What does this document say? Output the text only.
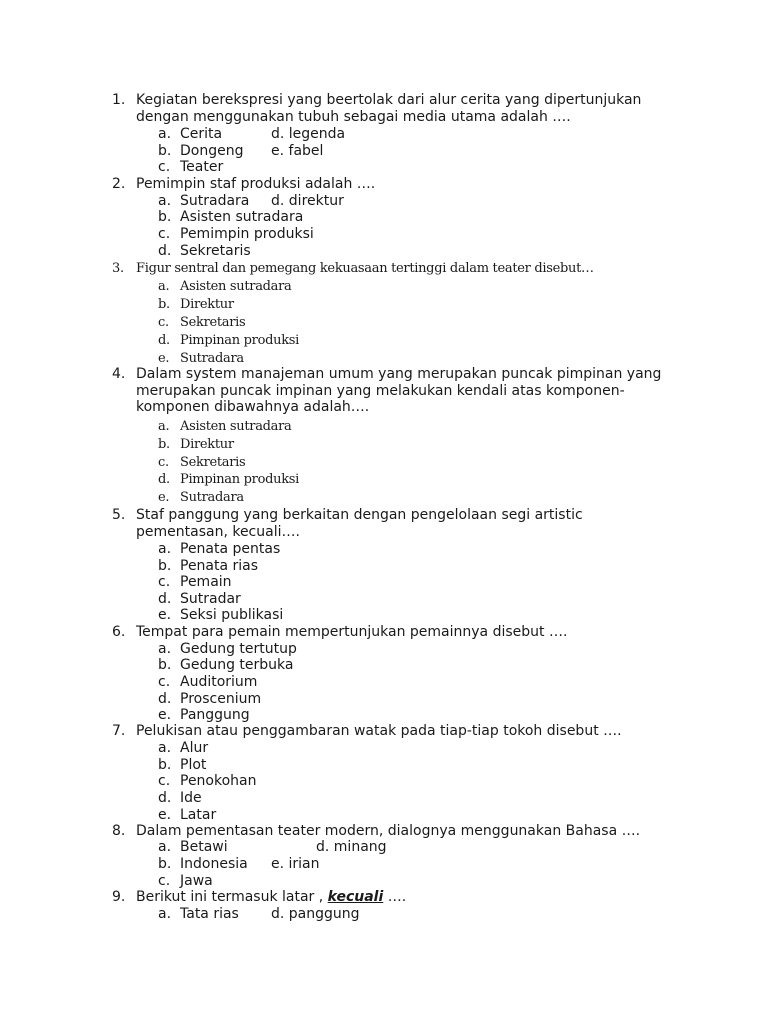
1. Kegiatan berekspresi yang beertolak dari alur cerita yang dipertunjukan
dengan menggunakan tubuh sebagai media utama adalah ….
a. Cerita	d. legenda
b. Dongeng e. fabel
c. Teater
2. Pemimpin staf produksi adalah ….
a. Sutradara d. direktur
b. Asisten sutradara
c. Pemimpin produksi
d. Sekretaris
3. Figur sentral dan pemegang kekuasaan tertinggi dalam teater disebut…
a. Asisten sutradara
b. Direktur
c. Sekretaris
d. Pimpinan produksi
e. Sutradara
4. Dalam system manajeman umum yang merupakan puncak pimpinan yang
merupakan puncak impinan yang melakukan kendali atas komponen-
komponen dibawahnya adalah….
a. Asisten sutradara
b. Direktur
c. Sekretaris
d. Pimpinan produksi
e. Sutradara
5. Staf panggung yang berkaitan dengan pengelolaan segi artistic
pementasan, kecuali….
a. Penata pentas
b. Penata rias
c. Pemain
d. Sutradar
e. Seksi publikasi
6. Tempat para pemain mempertunjukan pemainnya disebut ….
a. Gedung tertutup
b. Gedung terbuka
c. Auditorium
d. Proscenium
e. Panggung
7. Pelukisan atau penggambaran watak pada tiap-tiap tokoh disebut ….
a. Alur
b. Plot
c. Penokohan
d. Ide
e. Latar
8. Dalam pementasan teater modern, dialognya menggunakan Bahasa ….
a. Betawi	d. minang
b. Indonesia e. irian
c. Jawa
9. Berikut ini termasuk latar , kecuali ….
a. Tata rias d. panggung
